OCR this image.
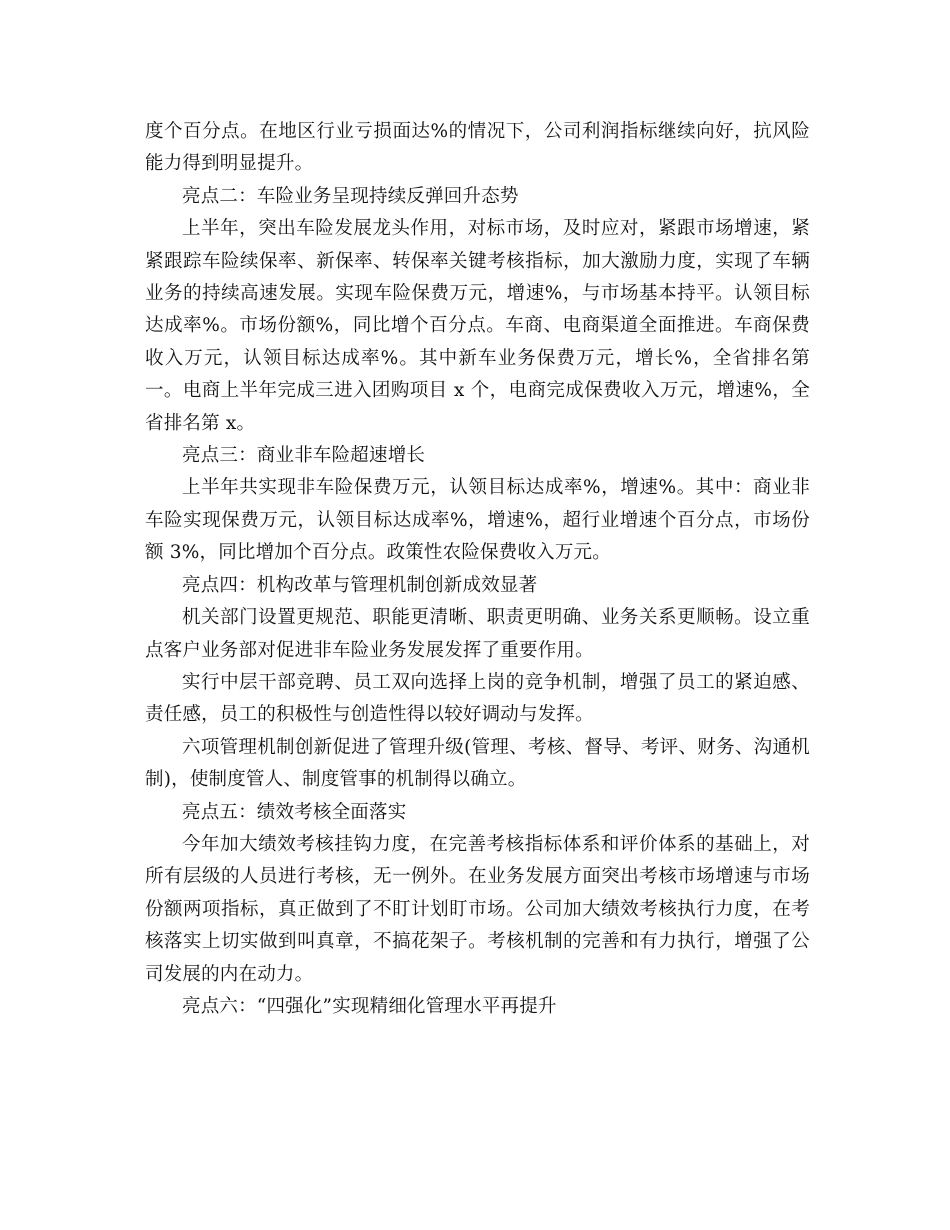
度个百分点。在地区行业亏损面达%的情况下，公司利润指标继续向好，抗风险能力得到明显提升。

亮点二：车险业务呈现持续反弹回升态势

上半年，突出车险发展龙头作用，对标市场，及时应对，紧跟市场增速，紧紧跟踪车险续保率、新保率、转保率关键考核指标，加大激励力度，实现了车辆业务的持续高速发展。实现车险保费万元，增速%，与市场基本持平。认领目标达成率%。市场份额%，同比增个百分点。车商、电商渠道全面推进。车商保费收入万元，认领目标达成率%。其中新车业务保费万元，增长%，全省排名第一。电商上半年完成三进入团购项目 x 个，电商完成保费收入万元，增速%，全省排名第 x。

亮点三：商业非车险超速增长

上半年共实现非车险保费万元，认领目标达成率%，增速%。其中：商业非车险实现保费万元，认领目标达成率%，增速%，超行业增速个百分点，市场份额 3%，同比增加个百分点。政策性农险保费收入万元。

亮点四：机构改革与管理机制创新成效显著

机关部门设置更规范、职能更清晰、职责更明确、业务关系更顺畅。设立重点客户业务部对促进非车险业务发展发挥了重要作用。

实行中层干部竞聘、员工双向选择上岗的竞争机制，增强了员工的紧迫感、责任感，员工的积极性与创造性得以较好调动与发挥。

六项管理机制创新促进了管理升级(管理、考核、督导、考评、财务、沟通机制)，使制度管人、制度管事的机制得以确立。

亮点五：绩效考核全面落实

今年加大绩效考核挂钩力度，在完善考核指标体系和评价体系的基础上，对所有层级的人员进行考核，无一例外。在业务发展方面突出考核市场增速与市场份额两项指标，真正做到了不盯计划盯市场。公司加大绩效考核执行力度，在考核落实上切实做到叫真章，不搞花架子。考核机制的完善和有力执行，增强了公司发展的内在动力。

亮点六：“四强化”实现精细化管理水平再提升
